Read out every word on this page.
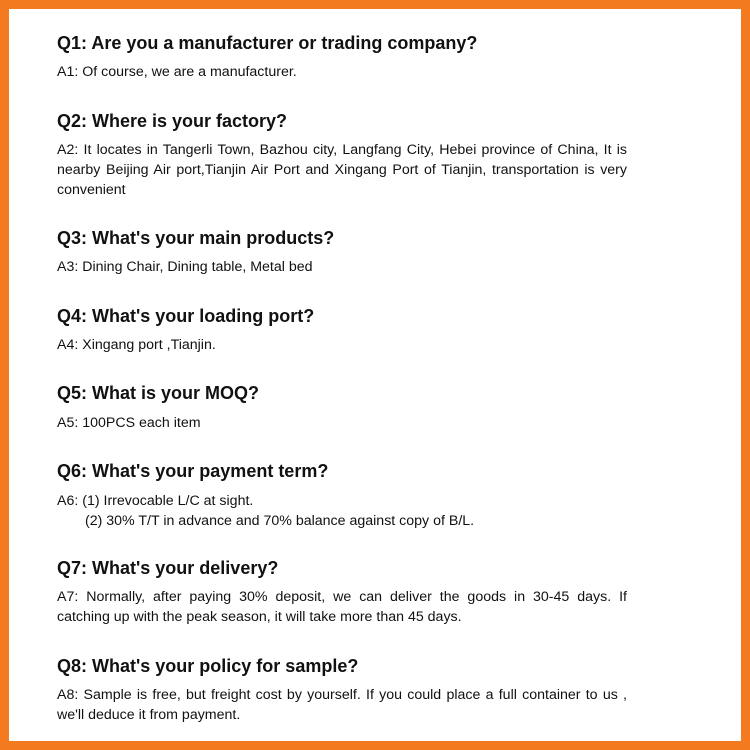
Q1: Are you a manufacturer or trading company?
A1: Of course, we are a manufacturer.
Q2: Where is your factory?
A2: It locates in Tangerli Town, Bazhou city, Langfang City, Hebei province of China, It is nearby Beijing Air port,Tianjin Air Port and Xingang Port of Tianjin, transportation is very convenient
Q3: What's your main products?
A3: Dining Chair, Dining table, Metal bed
Q4: What's your loading port?
A4: Xingang port ,Tianjin.
Q5: What is your MOQ?
A5: 100PCS each item
Q6: What's your payment term?
A6: (1) Irrevocable L/C at sight.
(2) 30% T/T in advance and 70% balance against copy of B/L.
Q7: What's your delivery?
A7: Normally, after paying 30% deposit, we can deliver the goods in 30-45 days. If catching up with the peak season, it will take more than 45 days.
Q8: What's your policy for sample?
A8: Sample is free, but freight cost by yourself. If you could place a full container to us , we'll deduce it from payment.
